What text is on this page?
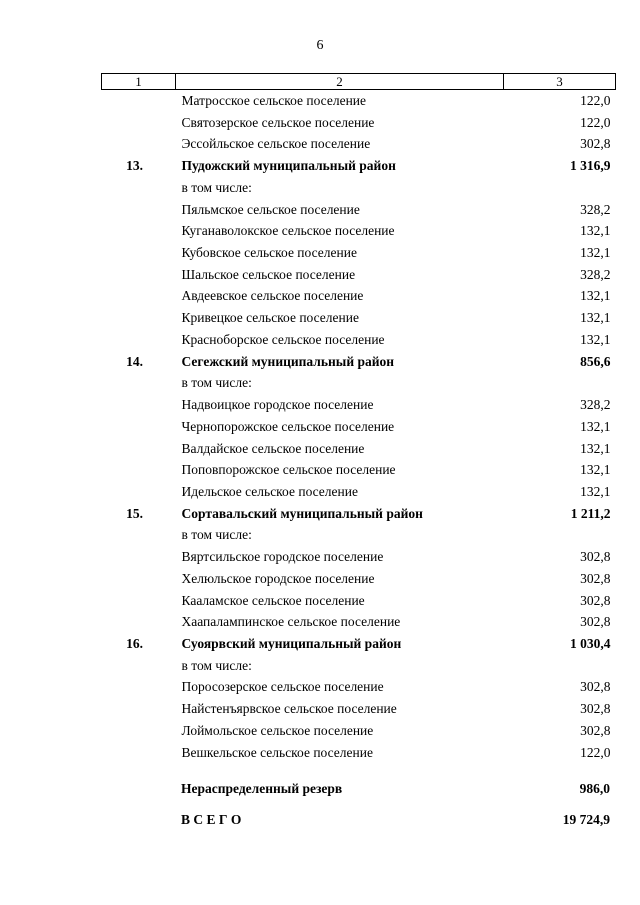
6
1	2	3
	Матросское сельское поселение	122,0
	Святозерское сельское поселение	122,0
	Эссойльское сельское поселение	302,8
13.	Пудожский муниципальный район	1 316,9
	в том числе:	
	Пяльмское сельское поселение	328,2
	Куганаволокское сельское поселение	132,1
	Кубовское сельское поселение	132,1
	Шальское сельское поселение	328,2
	Авдеевское сельское поселение	132,1
	Кривецкое сельское поселение	132,1
	Красноборское сельское поселение	132,1
14.	Сегежский муниципальный район	856,6
	в том числе:	
	Надвоицкое городское поселение	328,2
	Чернопорожское сельское поселение	132,1
	Валдайское сельское поселение	132,1
	Поповпорожское сельское поселение	132,1
	Идельское сельское поселение	132,1
15.	Сортавальский муниципальный район	1 211,2
	в том числе:	
	Вяртсильское городское поселение	302,8
	Хелюльское городское поселение	302,8
	Кааламское сельское поселение	302,8
	Хаапалампинское сельское поселение	302,8
16.	Суоярвский муниципальный район	1 030,4
	в том числе:	
	Поросозерское сельское поселение	302,8
	Найстенъярвское сельское поселение	302,8
	Лоймольское сельское поселение	302,8
	Вешкельское сельское поселение	122,0
	Нераспределенный резерв	986,0
	В С Е Г О	19 724,9
